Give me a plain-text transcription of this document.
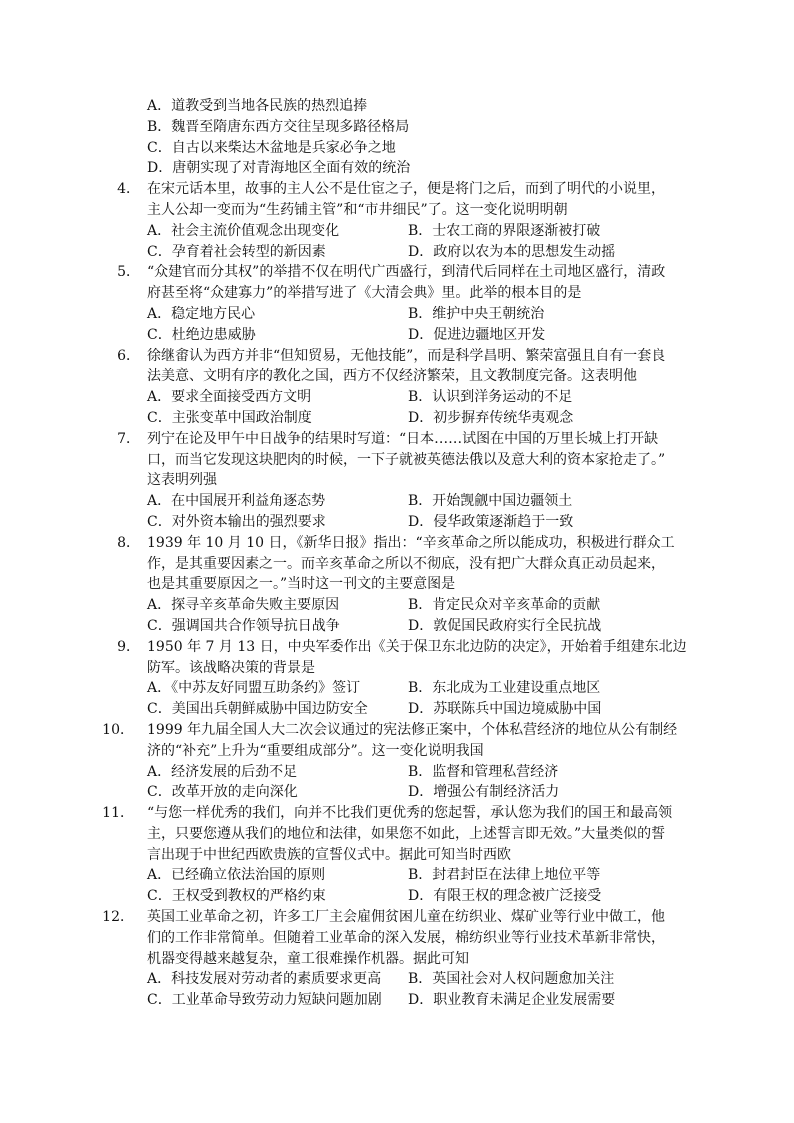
A．道教受到当地各民族的热烈追捧
B．魏晋至隋唐东西方交往呈现多路径格局
C．自古以来柴达木盆地是兵家必争之地
D．唐朝实现了对青海地区全面有效的统治
4． 在宋元话本里，故事的主人公不是仕宦之子，便是将门之后，而到了明代的小说里，
主人公却一变而为“生药铺主管”和“市井细民”了。这一变化说明明朝
A．社会主流价值观念出现变化	B．士农工商的界限逐渐被打破
C．孕育着社会转型的新因素	D．政府以农为本的思想发生动摇
5． “众建官而分其权”的举措不仅在明代广西盛行，到清代后同样在土司地区盛行，清政
府甚至将“众建寡力”的举措写进了《大清会典》里。此举的根本目的是
A．稳定地方民心	B．维护中央王朝统治
C．杜绝边患威胁	D．促进边疆地区开发
6． 徐继畬认为西方并非“但知贸易，无他技能”，而是科学昌明、繁荣富强且自有一套良
法美意、文明有序的教化之国，西方不仅经济繁荣，且文教制度完备。这表明他
A．要求全面接受西方文明	B．认识到洋务运动的不足
C．主张变革中国政治制度	D．初步摒弃传统华夷观念
7． 列宁在论及甲午中日战争的结果时写道：“日本……试图在中国的万里长城上打开缺
口，而当它发现这块肥肉的时候，一下子就被英德法俄以及意大利的资本家抢走了。”
这表明列强
A．在中国展开利益角逐态势	B．开始觊觎中国边疆领土
C．对外资本输出的强烈要求	D．侵华政策逐渐趋于一致
8． 1939 年 10 月 10 日，《新华日报》指出：“辛亥革命之所以能成功，积极进行群众工
作，是其重要因素之一。而辛亥革命之所以不彻底，没有把广大群众真正动员起来，
也是其重要原因之一。”当时这一刊文的主要意图是
A．探寻辛亥革命失败主要原因	B．肯定民众对辛亥革命的贡献
C．强调国共合作领导抗日战争	D．敦促国民政府实行全民抗战
9． 1950 年 7 月 13 日，中央军委作出《关于保卫东北边防的决定》，开始着手组建东北边
防军。该战略决策的背景是
A．《中苏友好同盟互助条约》签订	B．东北成为工业建设重点地区
C．美国出兵朝鲜威胁中国边防安全	D．苏联陈兵中国边境威胁中国
10． 1999 年九届全国人大二次会议通过的宪法修正案中，个体私营经济的地位从公有制经
济的“补充”上升为“重要组成部分”。这一变化说明我国
A．经济发展的后劲不足	B．监督和管理私营经济
C．改革开放的走向深化	D．增强公有制经济活力
11． “与您一样优秀的我们，向并不比我们更优秀的您起誓，承认您为我们的国王和最高领
主，只要您遵从我们的地位和法律，如果您不如此，上述誓言即无效。”大量类似的誓
言出现于中世纪西欧贵族的宣誓仪式中。据此可知当时西欧
A．已经确立依法治国的原则	B．封君封臣在法律上地位平等
C．王权受到教权的严格约束	D．有限王权的理念被广泛接受
12． 英国工业革命之初，许多工厂主会雇佣贫困儿童在纺织业、煤矿业等行业中做工，他
们的工作非常简单。但随着工业革命的深入发展，棉纺织业等行业技术革新非常快，
机器变得越来越复杂，童工很难操作机器。据此可知
A．科技发展对劳动者的素质要求更高 B．英国社会对人权问题愈加关注
C．工业革命导致劳动力短缺问题加剧 D．职业教育未满足企业发展需要
